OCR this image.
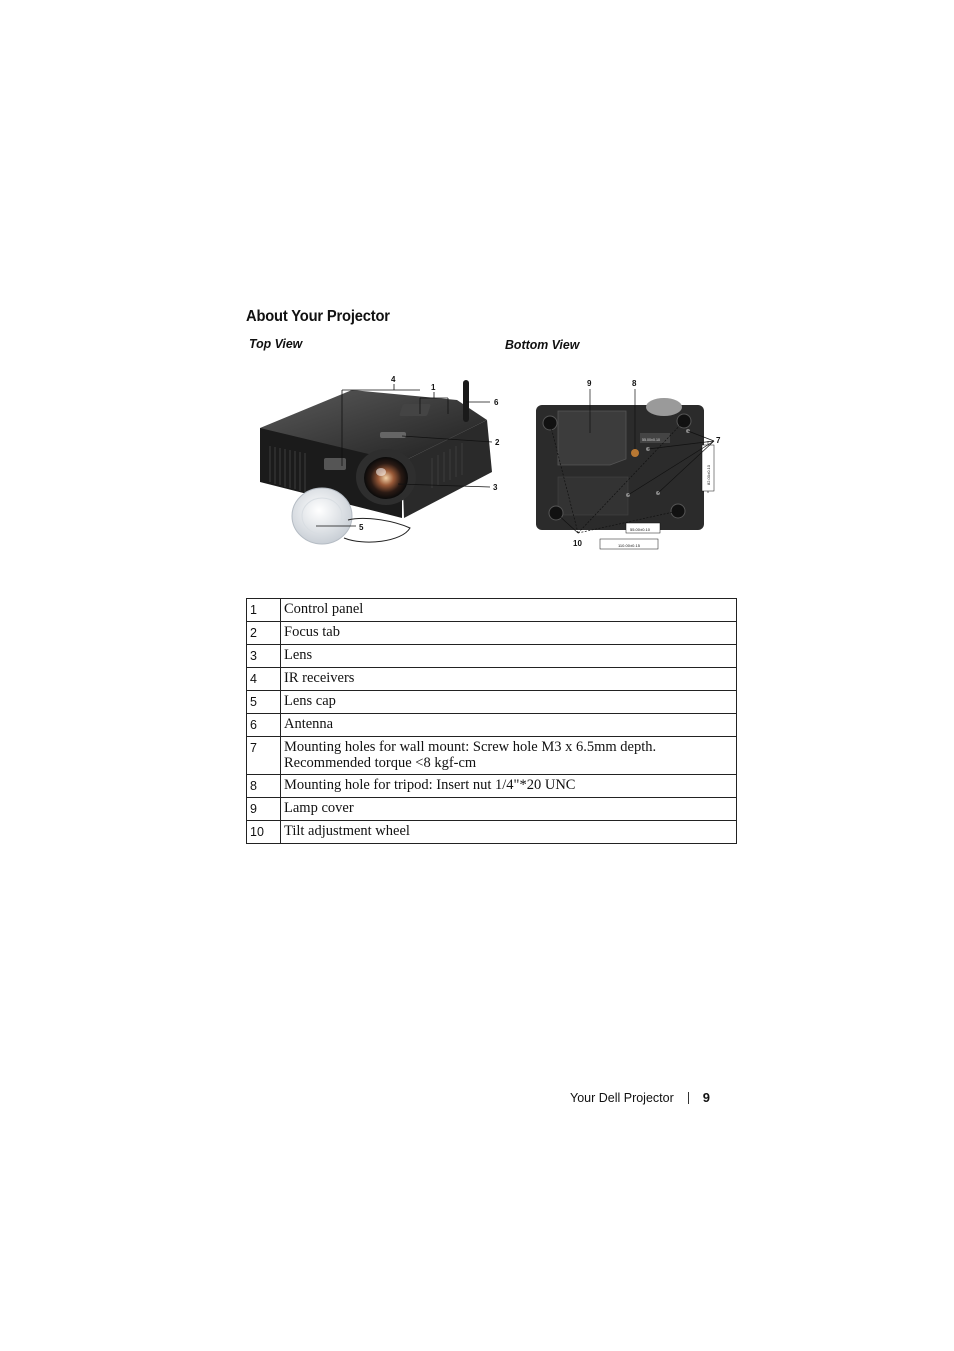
About Your Projector
Top View	Bottom View
4
1
6
2
3
5	55.00±0.10
110.00±0.15
55.00±0.10
82.00±0.10
9	8
7
10
1	Control panel
2	Focus tab
3	Lens
4	IR receivers
5	Lens cap
6	Antenna
7	Mounting holes for wall mount: Screw hole M3 x 6.5mm depth.
Recommended torque <8 kgf-cm

8	Mounting hole for tripod: Insert nut 1/4"*20 UNC
9	Lamp cover
10	Tilt adjustment wheel
Your Dell Projector 9
